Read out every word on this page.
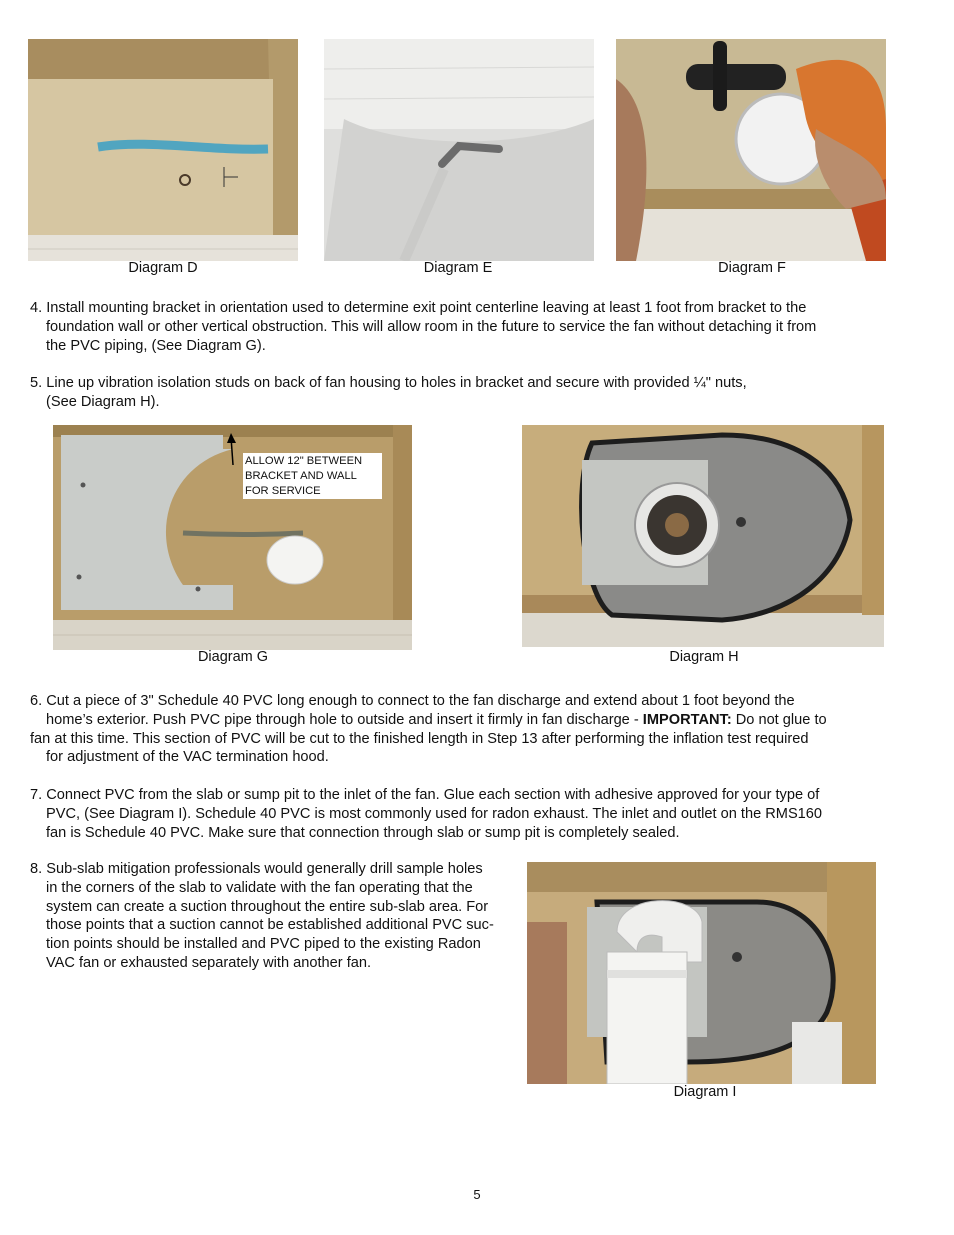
Diagram D	Diagram E	Diagram F
4. Install mounting bracket in orientation used to determine exit point centerline leaving at least 1 foot from bracket to the

foundation wall or other vertical obstruction. This will allow room in the future to service the fan without detaching it from
the PVC piping, (See Diagram G).
5. Line up vibration isolation studs on back of fan housing to holes in bracket and secure with provided ¼" nuts,

(See Diagram H).
ALLOW 12" BETWEEN
BRACKET AND WALL
FOR SERVICE
Diagram G	Diagram H
6. Cut a piece of 3" Schedule 40 PVC long enough to connect to the fan discharge and extend about 1 foot beyond the

home’s exterior. Push PVC pipe through hole to outside and insert it firmly in fan discharge - IMPORTANT: Do not glue to
fan at this time. This section of PVC will be cut to the finished length in Step 13 after performing the inflation test required

for adjustment of the VAC termination hood.
7. Connect PVC from the slab or sump pit to the inlet of the fan. Glue each section with adhesive approved for your type of

PVC, (See Diagram I). Schedule 40 PVC is most commonly used for radon exhaust. The inlet and outlet on the RMS160
fan is Schedule 40 PVC. Make sure that connection through slab or sump pit is completely sealed.
8. Sub-slab mitigation professionals would generally drill sample holes

in the corners of the slab to validate with the fan operating that the
system can create a suction throughout the entire sub-slab area. For
those points that a suction cannot be established additional PVC suc-
tion points should be installed and PVC piped to the existing Radon
VAC fan or exhausted separately with another fan.
Diagram I
5
